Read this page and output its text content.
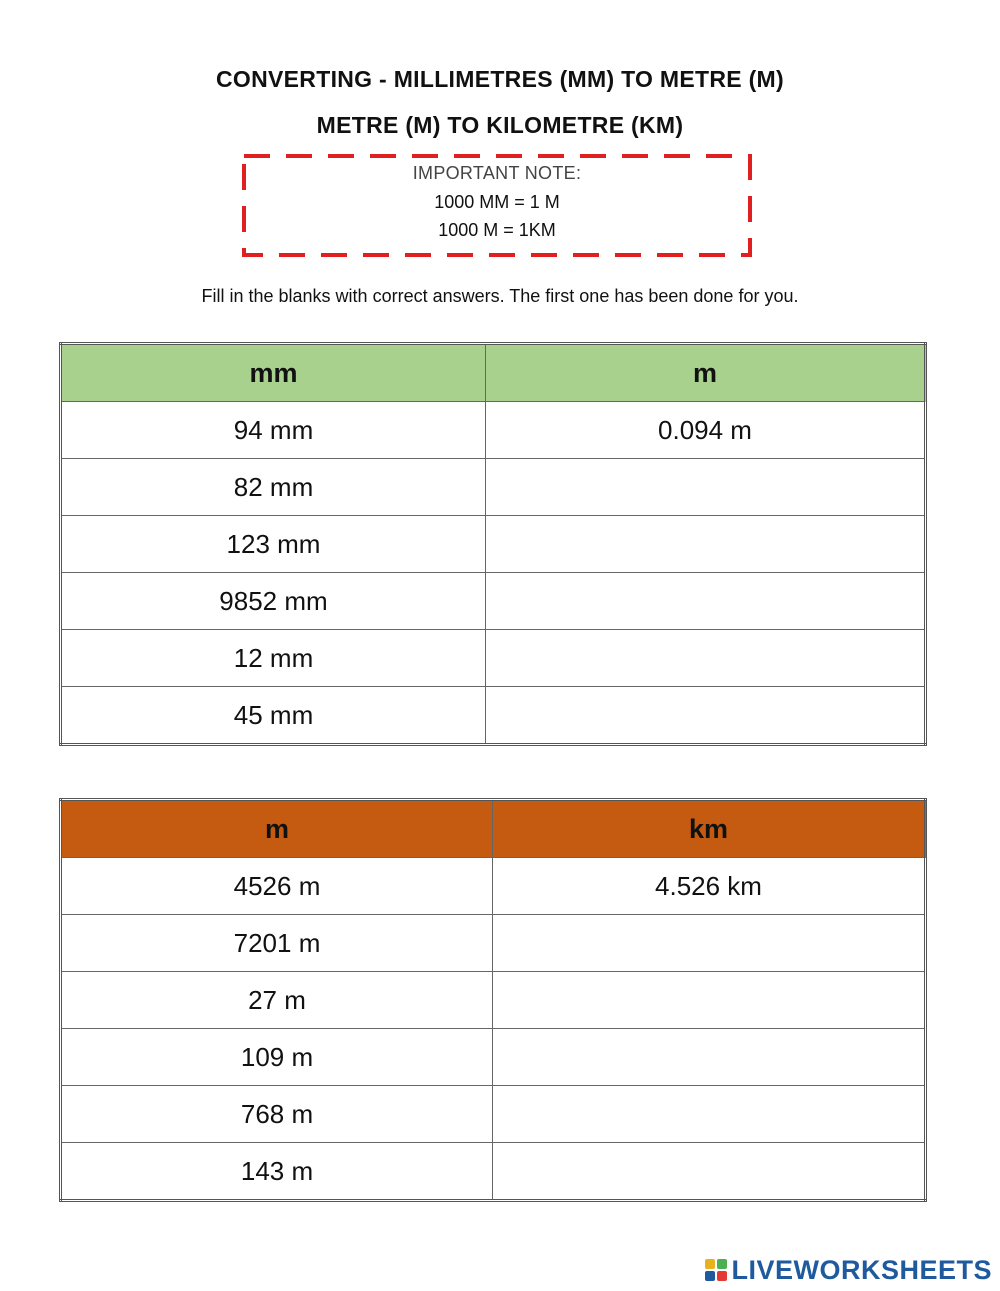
CONVERTING - MILLIMETRES (MM) TO METRE (M)
METRE (M) TO KILOMETRE (KM)
IMPORTANT NOTE:
1000 MM = 1 M
1000 M = 1KM
Fill in the blanks with correct answers. The first one has been done for you.
mm	m
94 mm	0.094 m
82 mm	
123 mm	
9852 mm	
12 mm	
45 mm	
m	km
4526 m	4.526 km
7201 m	
27 m	
109 m	
768 m	
143 m	
LIVEWORKSHEETS
